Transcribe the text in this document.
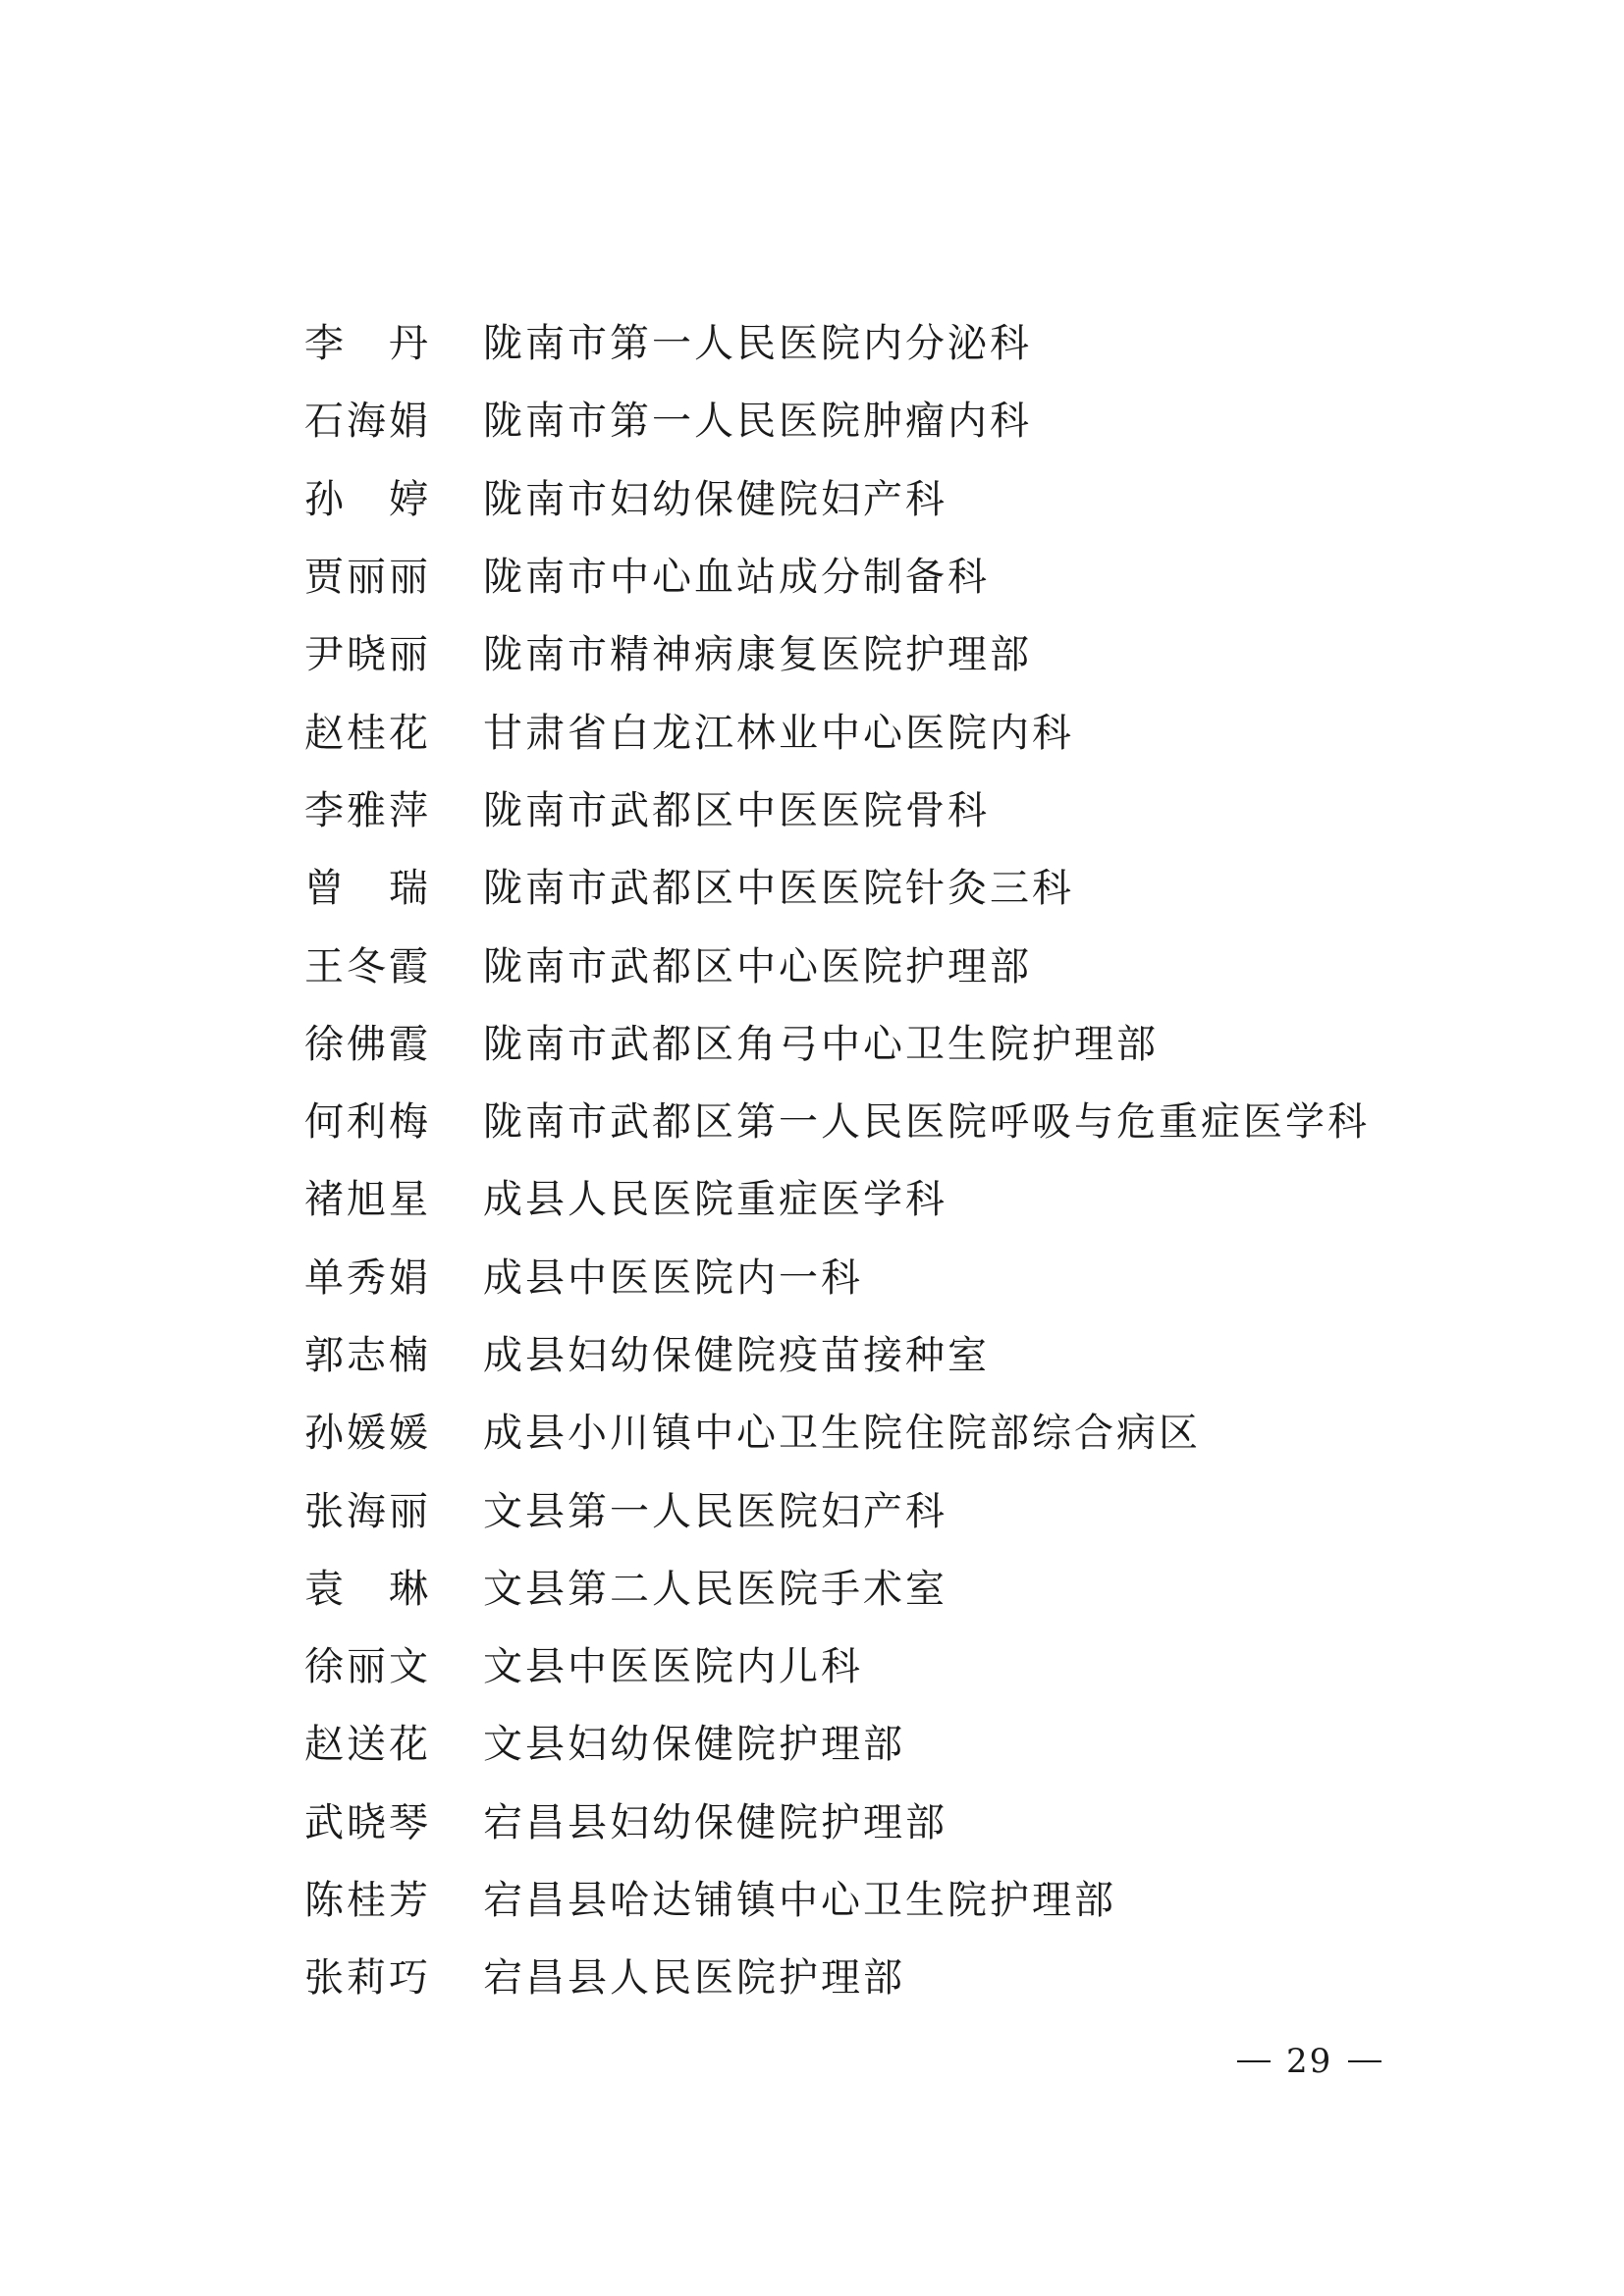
李　丹	陇南市第一人民医院内分泌科
石海娟	陇南市第一人民医院肿瘤内科
孙　婷	陇南市妇幼保健院妇产科
贾丽丽	陇南市中心血站成分制备科
尹晓丽	陇南市精神病康复医院护理部
赵桂花	甘肃省白龙江林业中心医院内科
李雅萍	陇南市武都区中医医院骨科
曾　瑞	陇南市武都区中医医院针灸三科
王冬霞	陇南市武都区中心医院护理部
徐佛霞	陇南市武都区角弓中心卫生院护理部
何利梅	陇南市武都区第一人民医院呼吸与危重症医学科
褚旭星	成县人民医院重症医学科
单秀娟	成县中医医院内一科
郭志楠	成县妇幼保健院疫苗接种室
孙媛媛	成县小川镇中心卫生院住院部综合病区
张海丽	文县第一人民医院妇产科
袁　琳	文县第二人民医院手术室
徐丽文	文县中医医院内儿科
赵送花	文县妇幼保健院护理部
武晓琴	宕昌县妇幼保健院护理部
陈桂芳	宕昌县哈达铺镇中心卫生院护理部
张莉巧	宕昌县人民医院护理部
29
